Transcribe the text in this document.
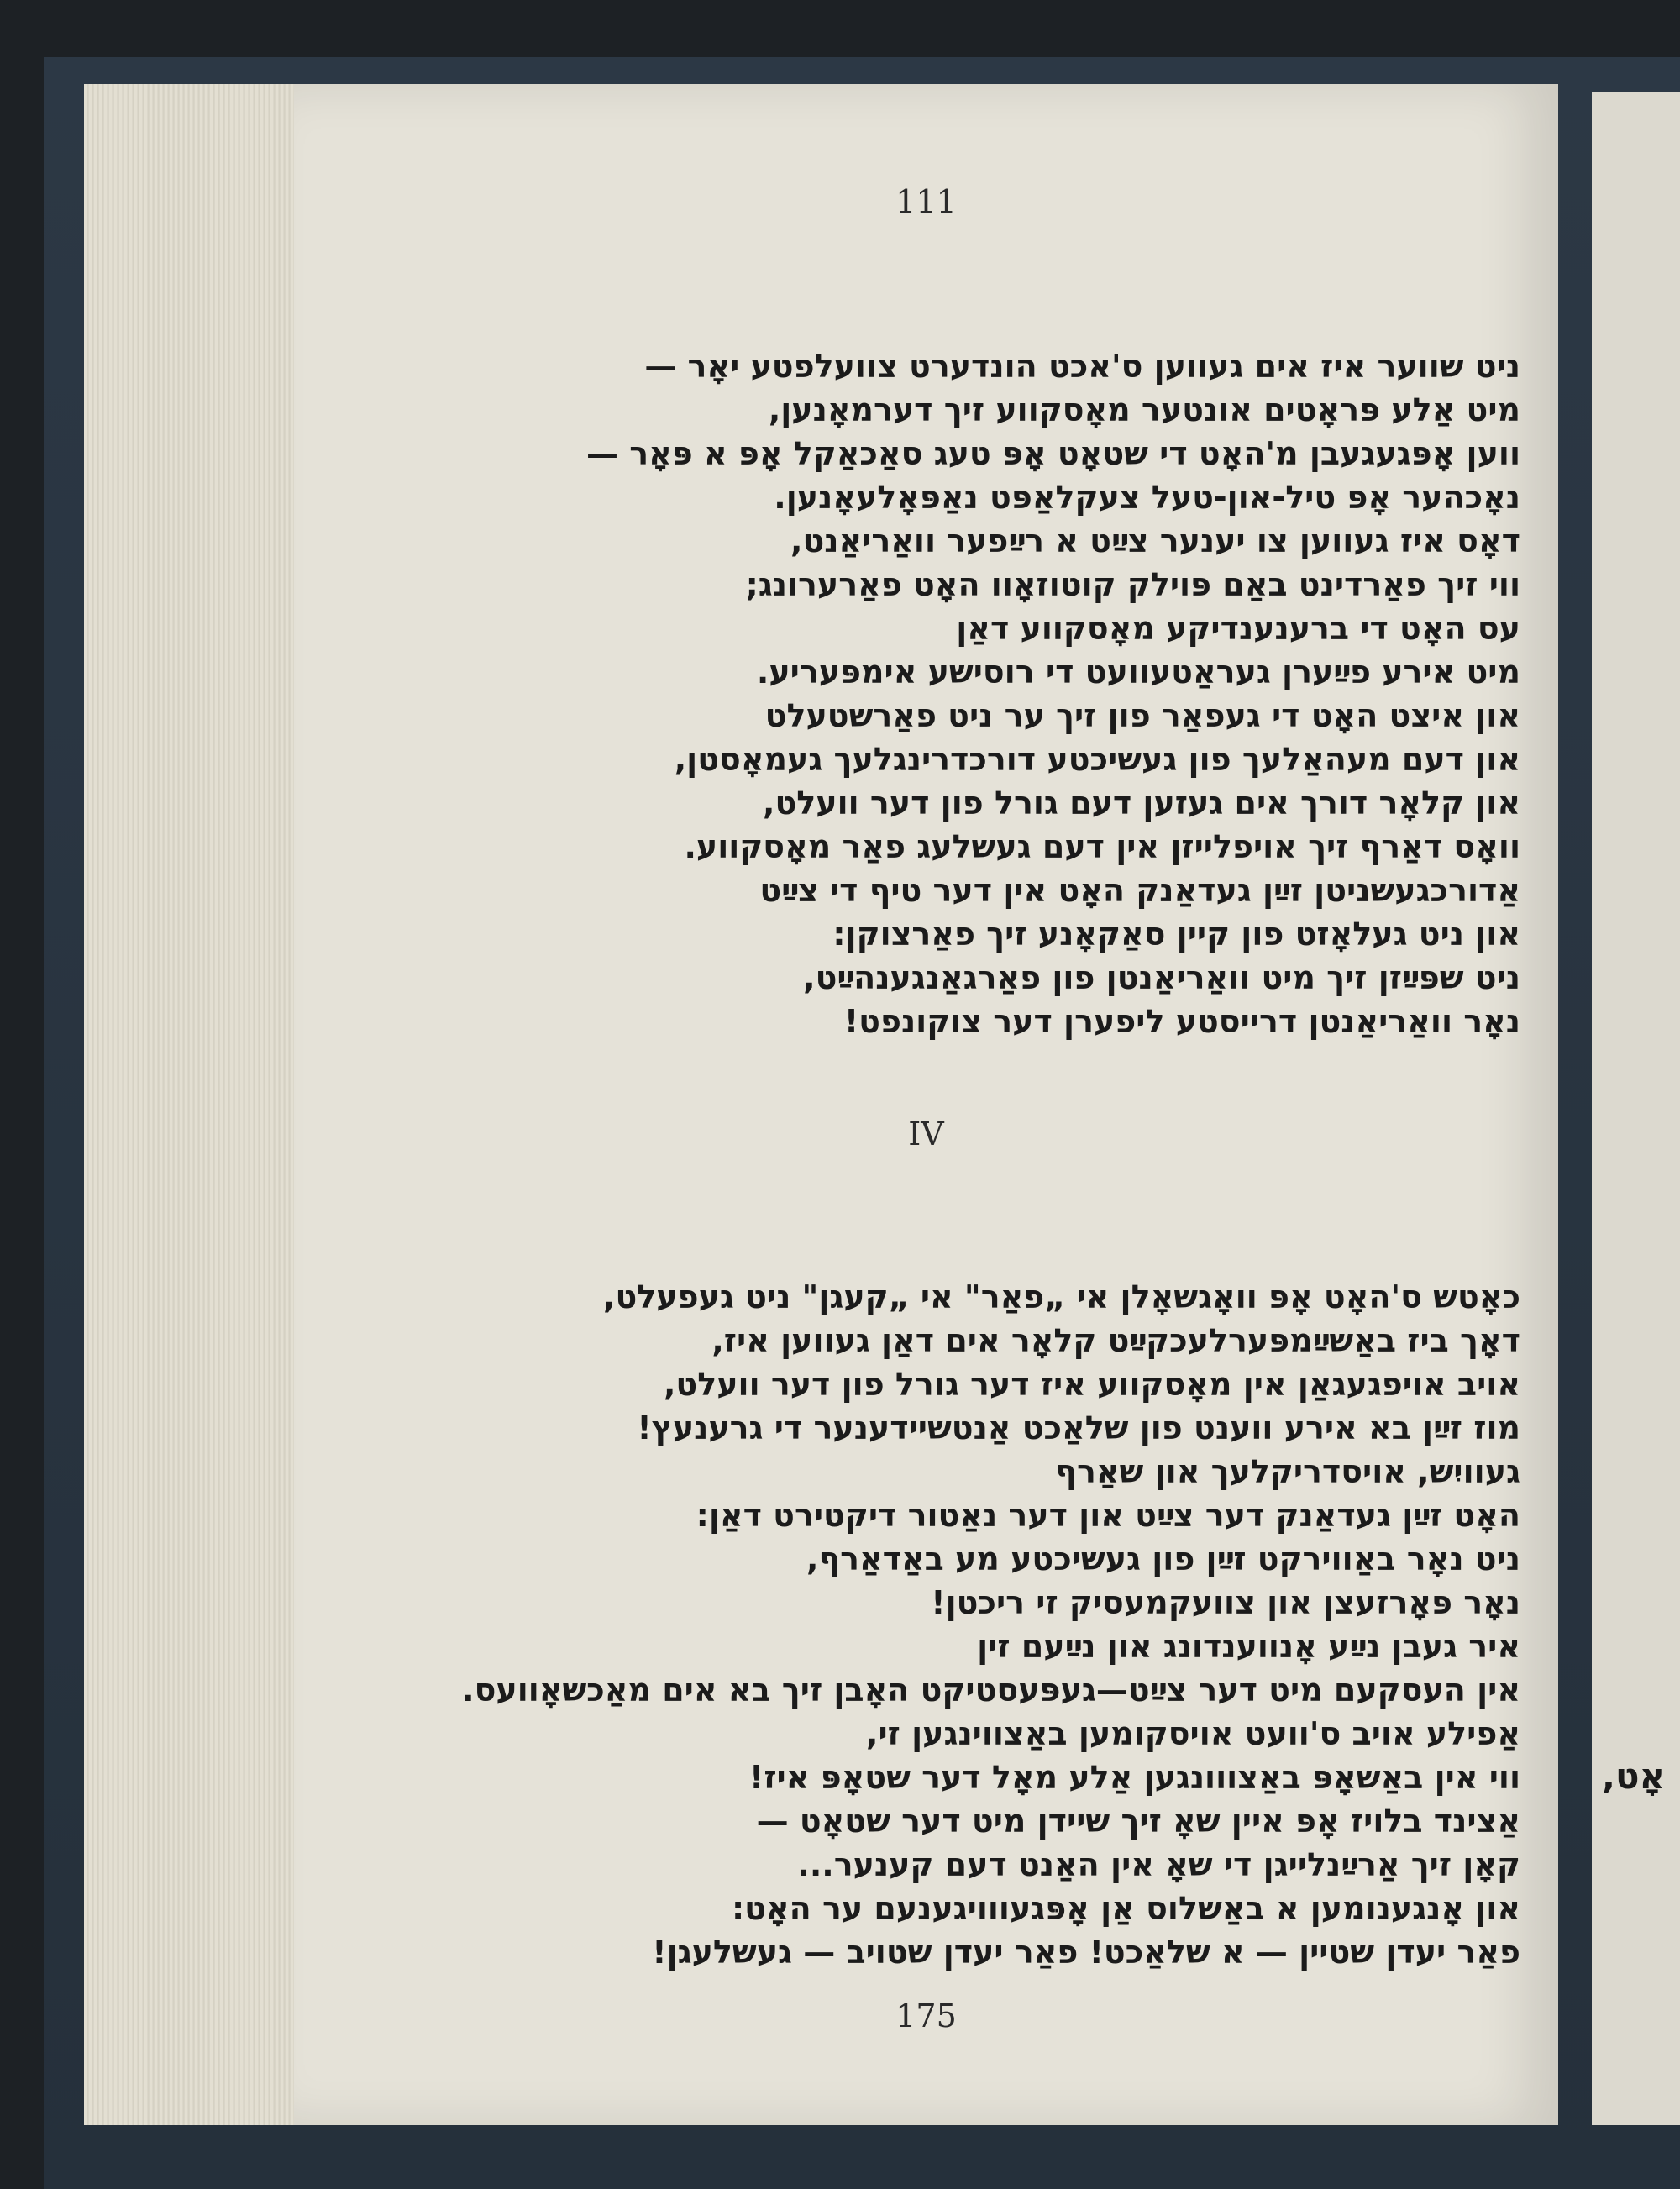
אָט,
111
ניט שווער איז אים געווען ס'אכט הונדערט צוועלפטע יאָר —
מיט אַלע פּראָטים אונטער מאָסקווע זיך דערמאָנען,
ווען אָפּגעגעבן מ'האָט די שטאָט אָפּ טעג סאַכאַקל אָפּ א פּאָר —
נאָכהער אָפּ טיל-און-טעל צעקלאַפּט נאַפּאָלעאָנען.
דאָס איז געווען צו יענער צײַט א רײַפער וואַריאַנט,
ווי זיך פאַרדינט באַם פּוילק קוטוזאָוו האָט פאַרערונג;
עס האָט די ברענענדיקע מאָסקווע דאַן
מיט אירע פײַערן געראַטעוועט די רוסישע אימפּעריע.
און איצט האָט די געפאַר פון זיך ער ניט פאַרשטעלט
און דעם מעהאַלעך פון געשיכטע דורכדרינגלעך געמאָסטן,
און קלאָר דורך אים געזען דעם גורל פון דער וועלט,
וואָס דאַרף זיך אויפלייזן אין דעם געשלעג פאַר מאָסקווע.
אַדורכגעשניטן זײַן געדאַנק האָט אין דער טיף די צײַט
און ניט געלאָזט פון קיין סאַקאָנע זיך פאַרצוקן:
ניט שפּײַזן זיך מיט וואַריאַנטן פון פאַרגאַנגענהײַט,
נאָר וואַריאַנטן דרייסטע ליפערן דער צוקונפט!
IV
כאָטש ס'האָט אָפּ וואָגשאָלן אי „פאַר" אי „קעגן" ניט געפעלט,
דאָך ביז באַשײַמפּערלעכקײַט קלאָר אים דאַן געווען איז,
אויב אויפגעגאַן אין מאָסקווע איז דער גורל פון דער וועלט,
מוז זײַן בא אירע ווענט פון שלאַכט אַנטשיידענער די גרענעץ!
געוויִש, אויסדריקלעך און שאַרף
האָט זײַן געדאַנק דער צײַט און דער נאַטור דיקטירט דאַן:
ניט נאָר באַווירקט זײַן פון געשיכטע מע באַדאַרף,
נאָר פּאָרזעצן און צוועקמעסיק זי ריכטן!
איר געבן נײַע אָנווענדונג און נײַעם זין
אין העסקעם מיט דער צײַט—געפּעסטיקט האָבן זיך בא אים מאַכשאָוועס.
אַפילע אויב ס'וועט אויסקומען באַצווינגען זי,
ווי אין באַשאָפּ באַצווונגען אַלע מאָל דער שטאָפּ איז!
אַצינד בלויז אָפּ איין שאָ זיך שיידן מיט דער שטאָט —
קאָן זיך אַרײַנלייגן די שאָ אין האַנט דעם קענער...
און אָנגענומען א באַשלוס אַן אָפּגעווויגענעם ער האָט:
פאַר יעדן שטיין — א שלאַכט! פאַר יעדן שטויב — געשלעגן!
175
